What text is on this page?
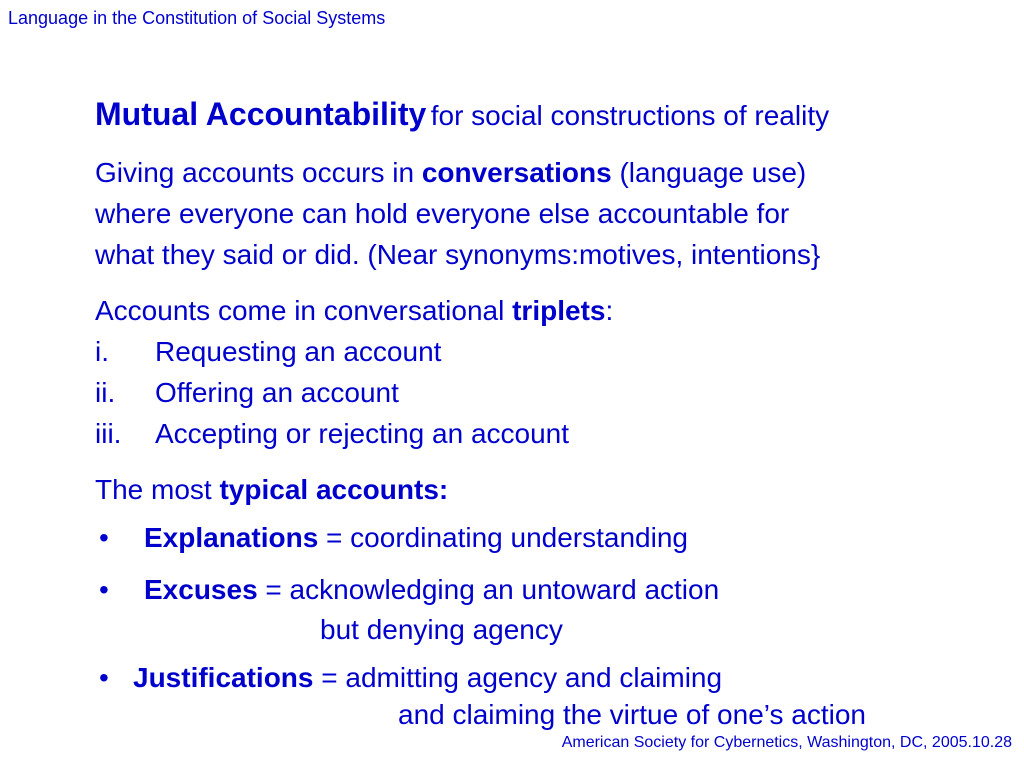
Language in the Constitution of Social Systems
Mutual Accountability for social constructions of reality
Giving accounts occurs in conversations (language use)
where everyone can hold everyone else accountable for
what they said or did. (Near synonyms:motives, intentions}
Accounts come in conversational triplets:
i. Requesting an account
ii. Offering an account
iii. Accepting or rejecting an account
The most typical accounts:
• Explanations = coordinating understanding
• Excuses = acknowledging an untoward action
but denying agency
• Justifications = admitting agency and claiming
and claiming the virtue of one’s action
American Society for Cybernetics, Washington, DC, 2005.10.28
